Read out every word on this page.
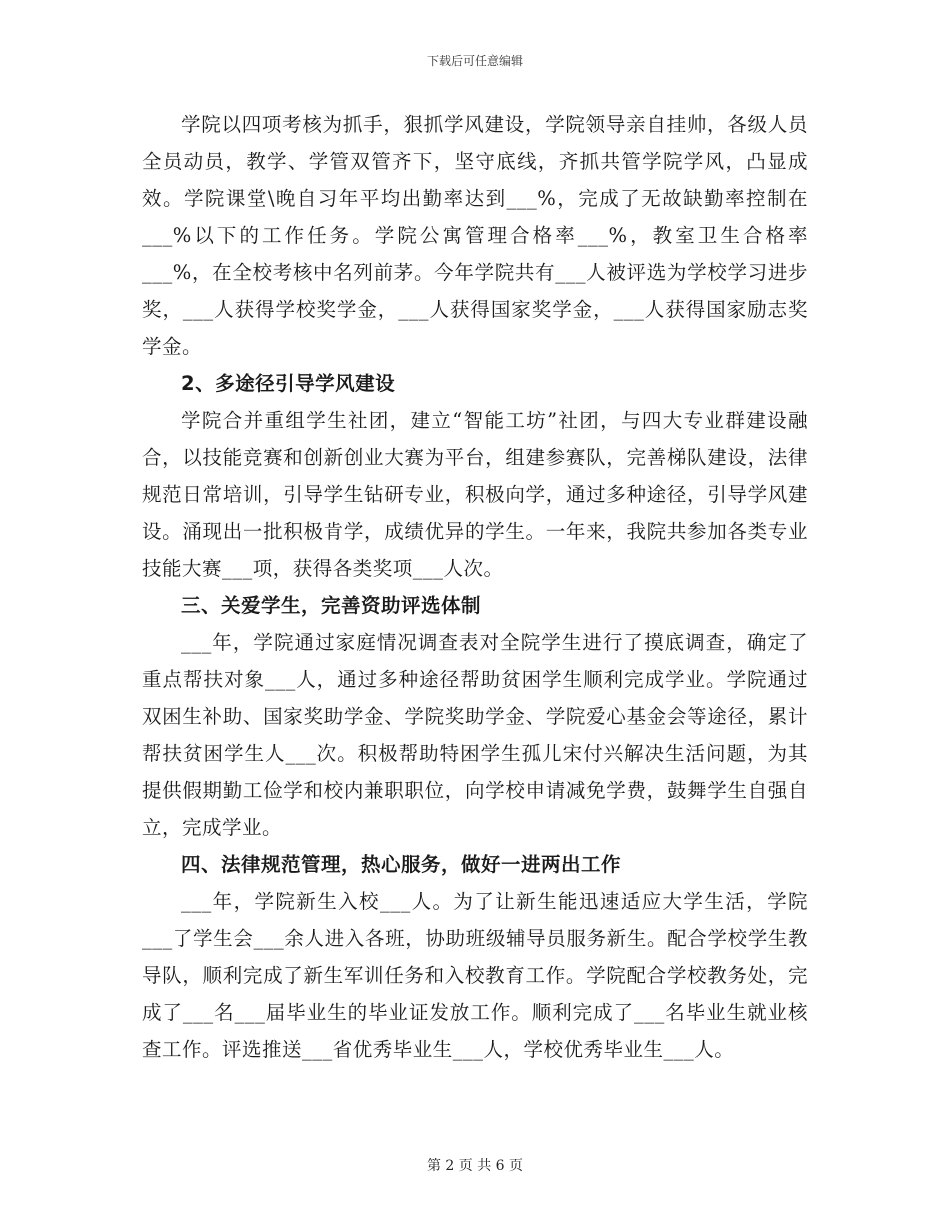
下载后可任意编辑

学院以四项考核为抓手，狠抓学风建设，学院领导亲自挂帅，各级人员全员动员，教学、学管双管齐下，坚守底线，齐抓共管学院学风，凸显成效。学院课堂\晚自习年平均出勤率达到___%，完成了无故缺勤率控制在___%以下的工作任务。学院公寓管理合格率___%，教室卫生合格率___%，在全校考核中名列前茅。今年学院共有___人被评选为学校学习进步奖，___人获得学校奖学金，___人获得国家奖学金，___人获得国家励志奖学金。

2、多途径引导学风建设

学院合并重组学生社团，建立“智能工坊”社团，与四大专业群建设融合，以技能竞赛和创新创业大赛为平台，组建参赛队，完善梯队建设，法律规范日常培训，引导学生钻研专业，积极向学，通过多种途径，引导学风建设。涌现出一批积极肯学，成绩优异的学生。一年来，我院共参加各类专业技能大赛___项，获得各类奖项___人次。

三、关爱学生，完善资助评选体制

___年，学院通过家庭情况调查表对全院学生进行了摸底调查，确定了重点帮扶对象___人，通过多种途径帮助贫困学生顺利完成学业。学院通过双困生补助、国家奖助学金、学院奖助学金、学院爱心基金会等途径，累计帮扶贫困学生人___次。积极帮助特困学生孤儿宋付兴解决生活问题，为其提供假期勤工俭学和校内兼职职位，向学校申请减免学费，鼓舞学生自强自立，完成学业。

四、法律规范管理，热心服务，做好一进两出工作

___年，学院新生入校___人。为了让新生能迅速适应大学生活，学院___了学生会___余人进入各班，协助班级辅导员服务新生。配合学校学生教导队，顺利完成了新生军训任务和入校教育工作。学院配合学校教务处，完成了___名___届毕业生的毕业证发放工作。顺利完成了___名毕业生就业核查工作。评选推送___省优秀毕业生___人，学校优秀毕业生___人。

第 2 页 共 6 页
